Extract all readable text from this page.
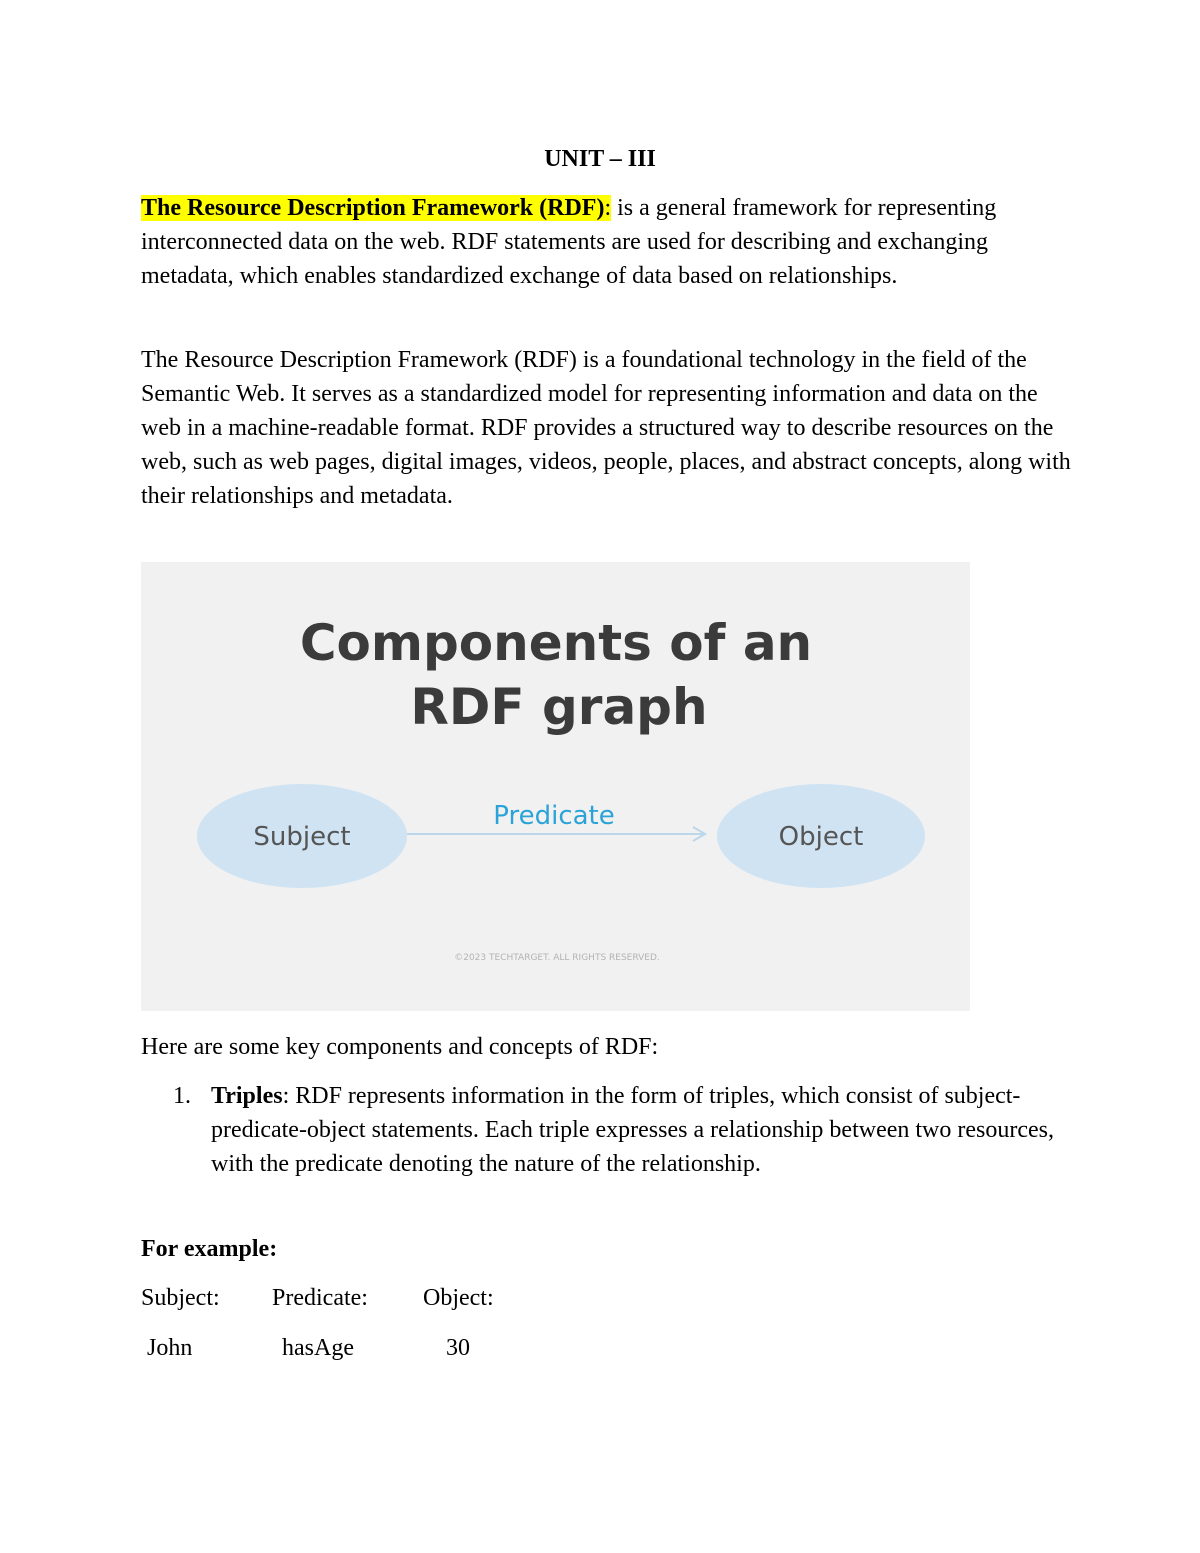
UNIT – III

The Resource Description Framework (RDF): is a general framework for representing interconnected data on the web. RDF statements are used for describing and exchanging metadata, which enables standardized exchange of data based on relationships.

The Resource Description Framework (RDF) is a foundational technology in the field of the Semantic Web. It serves as a standardized model for representing information and data on the web in a machine-readable format. RDF provides a structured way to describe resources on the web, such as web pages, digital images, videos, people, places, and abstract concepts, along with their relationships and metadata.

Components of an
RDF graph
Subject	Object
Predicate
©2023 TECHTARGET. ALL RIGHTS RESERVED.

Here are some key components and concepts of RDF:

1. Triples: RDF represents information in the form of triples, which consist of subject-predicate-object statements. Each triple expresses a relationship between two resources, with the predicate denoting the nature of the relationship.
For example:
Subject: Predicate: Object:
John	hasAge	30
